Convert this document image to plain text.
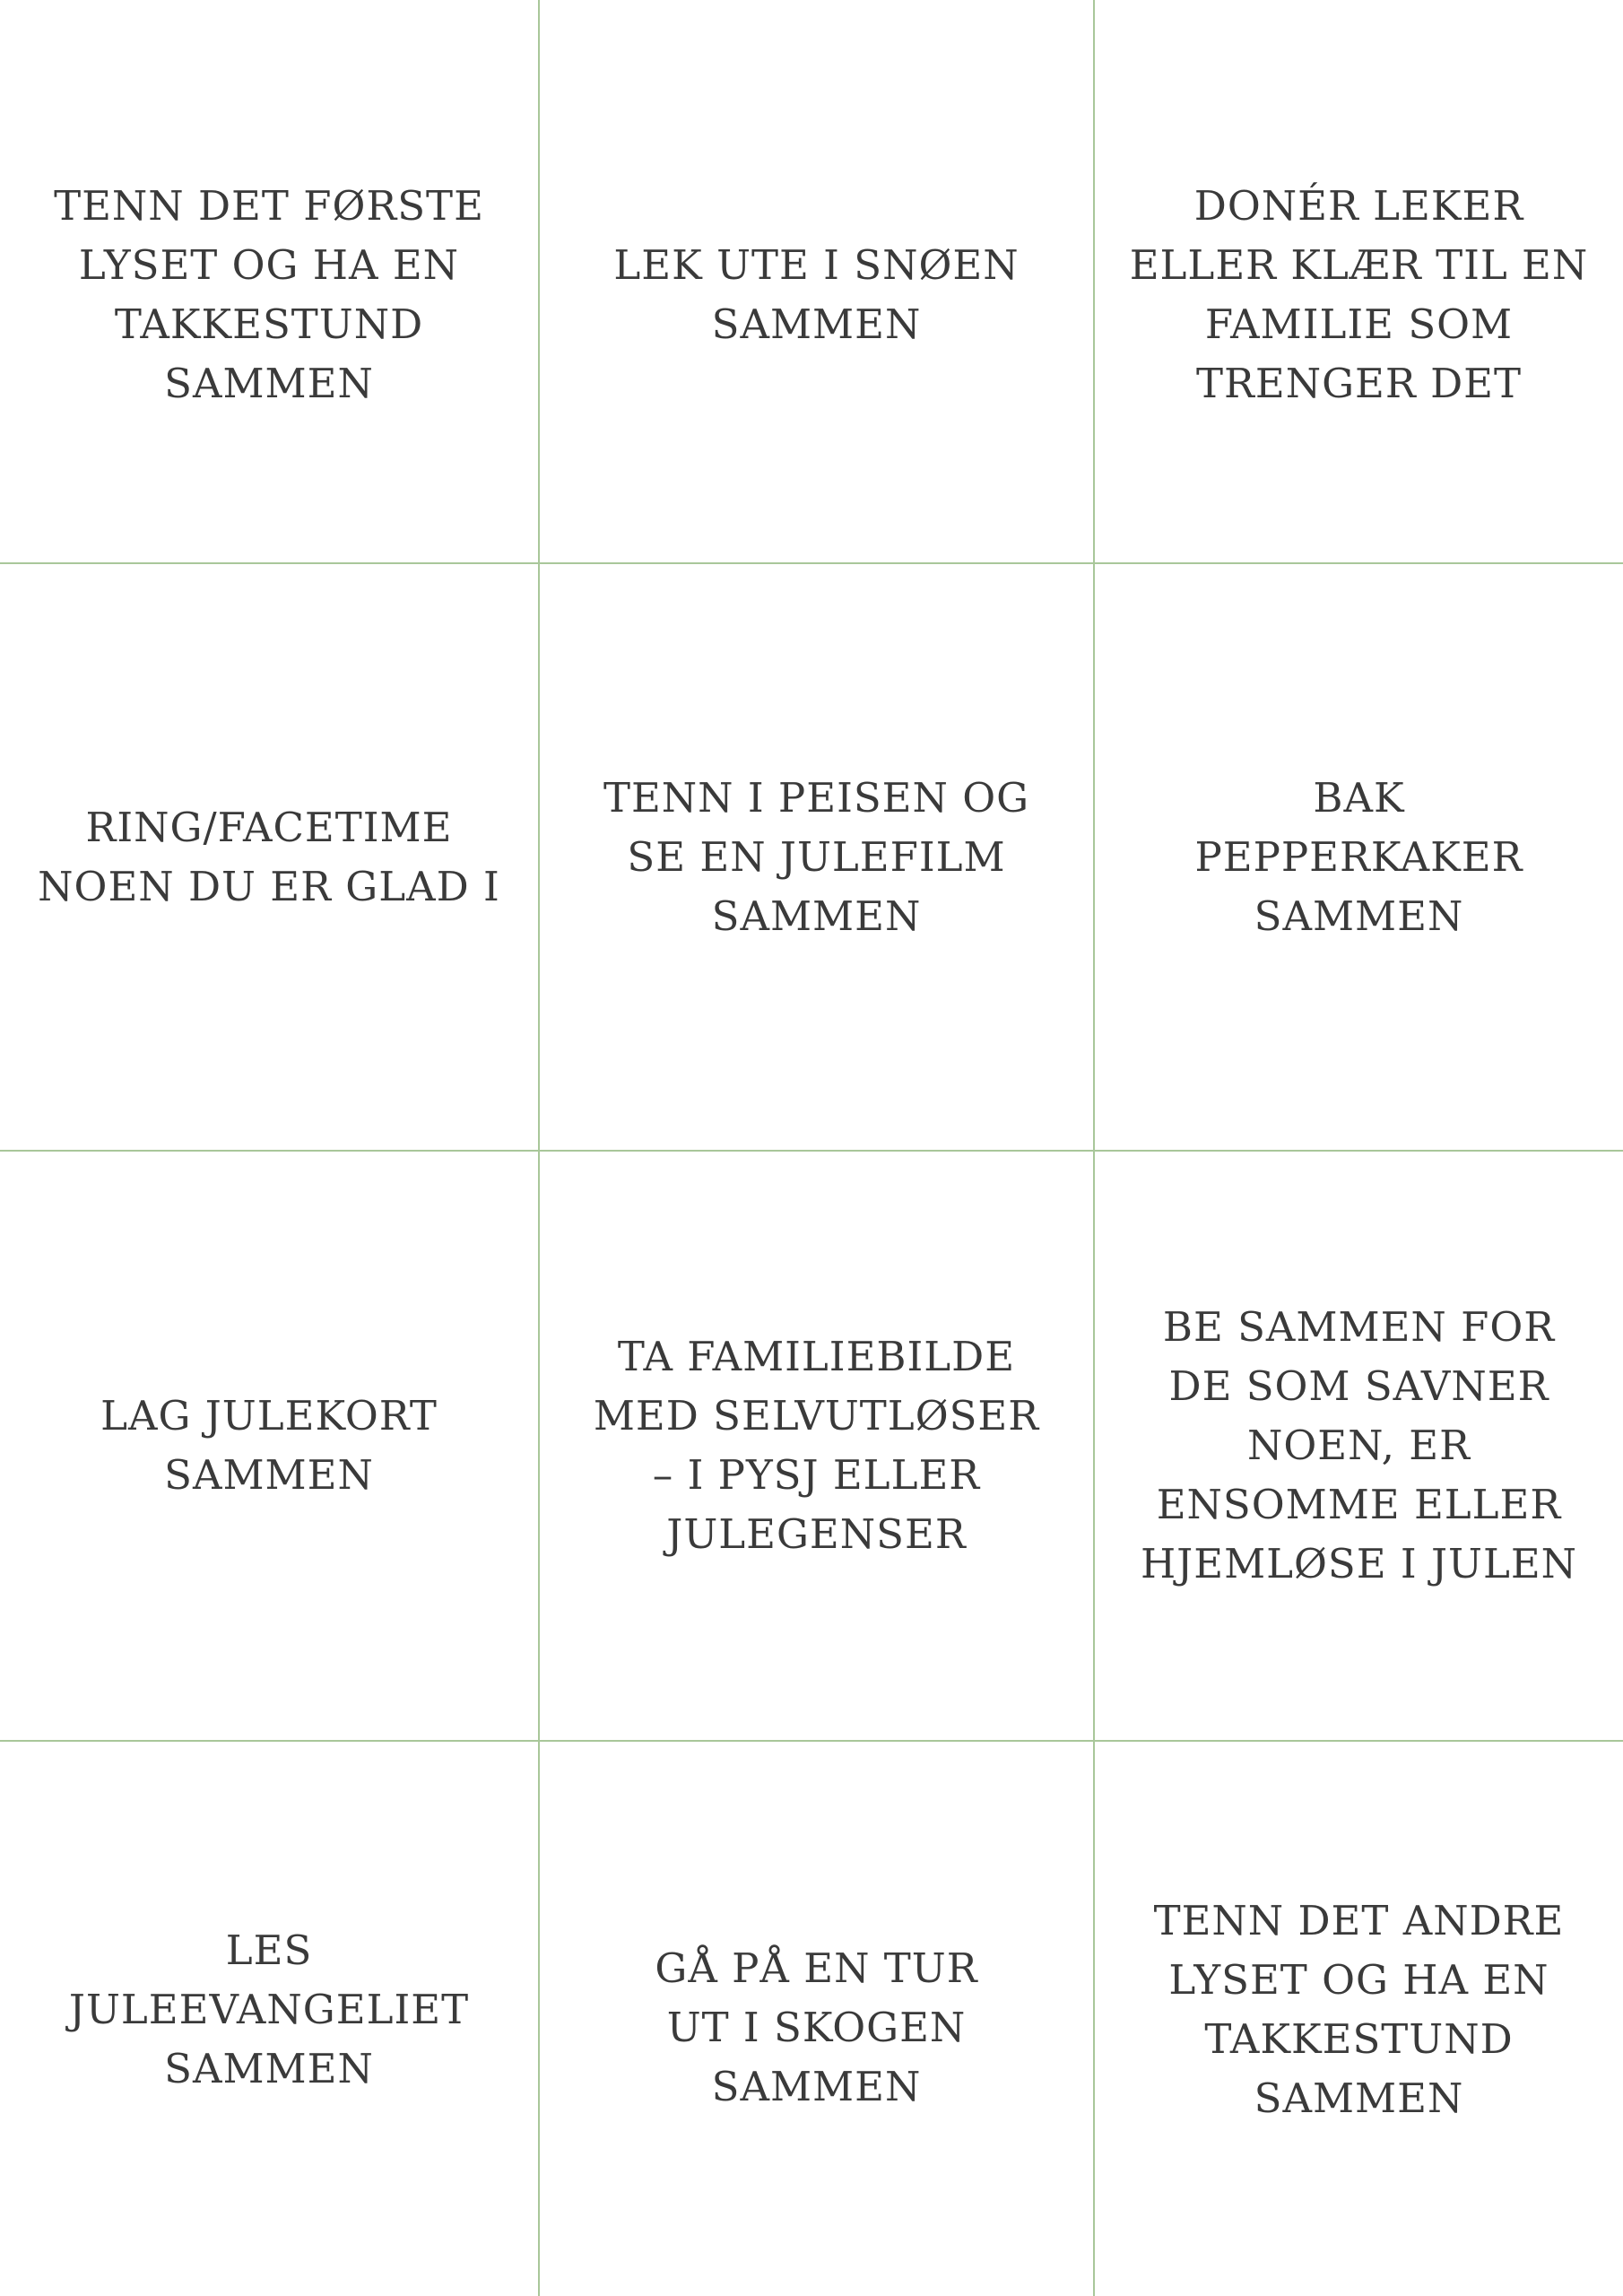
TENN DET FØRSTE
LYSET OG HA EN
TAKKESTUND
SAMMEN
LEK UTE I SNØEN
SAMMEN
DONÉR LEKER
ELLER KLÆR TIL EN
FAMILIE SOM
TRENGER DET
RING/FACETIME
NOEN DU ER GLAD I
TENN I PEISEN OG
SE EN JULEFILM
SAMMEN
BAK
PEPPERKAKER
SAMMEN
LAG JULEKORT
SAMMEN
TA FAMILIEBILDE
MED SELVUTLØSER
– I PYSJ ELLER
JULEGENSER
BE SAMMEN FOR
DE SOM SAVNER
NOEN, ER
ENSOMME ELLER
HJEMLØSE I JULEN
LES
JULEEVANGELIET
SAMMEN
GÅ PÅ EN TUR
UT I SKOGEN
SAMMEN
TENN DET ANDRE
LYSET OG HA EN
TAKKESTUND
SAMMEN
